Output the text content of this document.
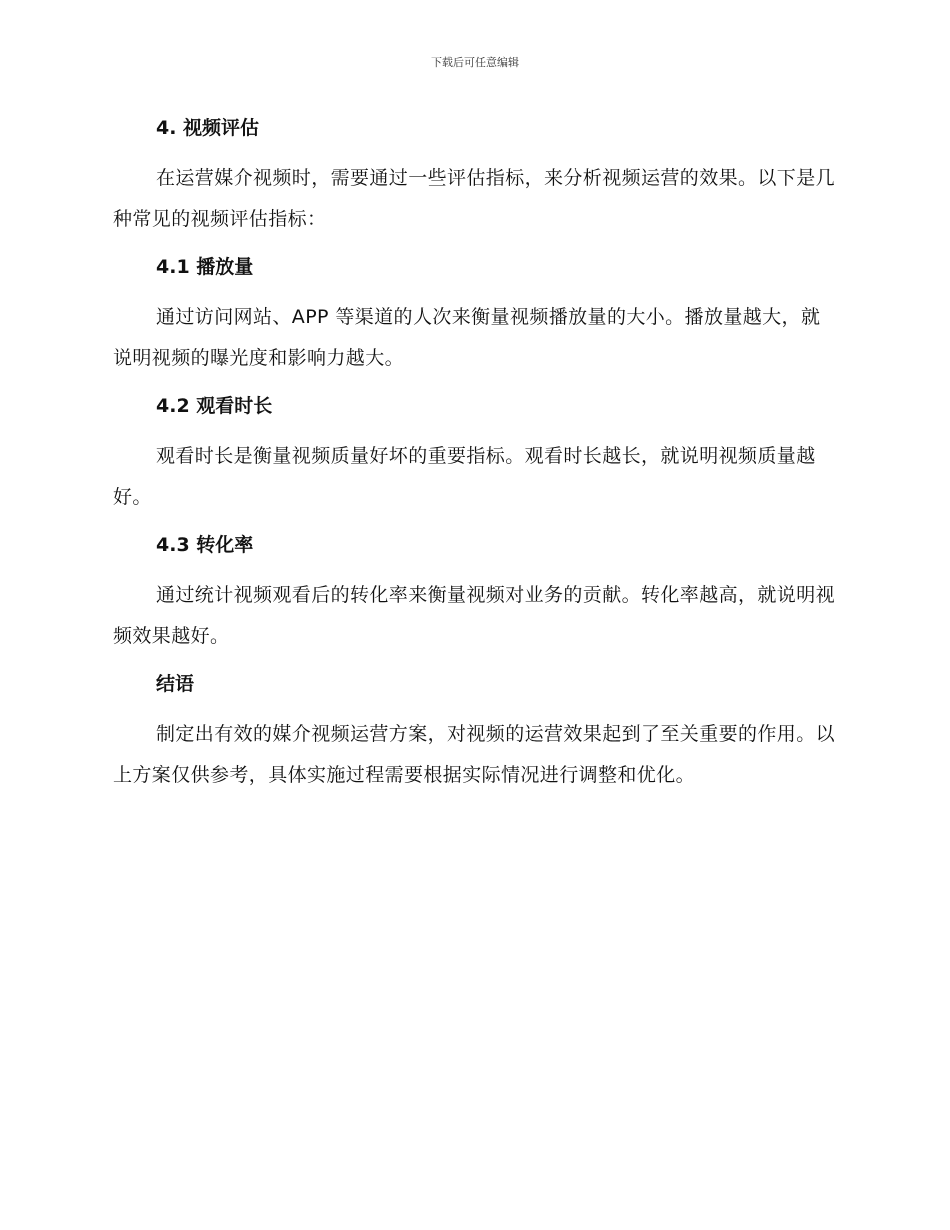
下载后可任意编辑

4. 视频评估

在运营媒介视频时，需要通过一些评估指标，来分析视频运营的效果。以下是几种常见的视频评估指标：

4.1 播放量

通过访问网站、APP 等渠道的人次来衡量视频播放量的大小。播放量越大，就说明视频的曝光度和影响力越大。

4.2 观看时长

观看时长是衡量视频质量好坏的重要指标。观看时长越长，就说明视频质量越好。

4.3 转化率

通过统计视频观看后的转化率来衡量视频对业务的贡献。转化率越高，就说明视频效果越好。

结语

制定出有效的媒介视频运营方案，对视频的运营效果起到了至关重要的作用。以上方案仅供参考，具体实施过程需要根据实际情况进行调整和优化。
